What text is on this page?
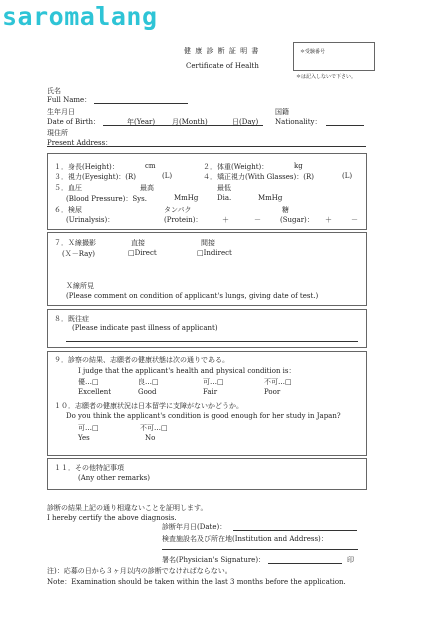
saromalang
健 康 診 断 証 明 書
Certificate of Health
＊受験番号
＊は記入しないで下さい。
氏名
Full Name：
生年月日
Date of Birth：	年(Year) 月(Month)	日(Day)
国籍
Nationality：
現住所
Present Address：
１．身長(Height)：	cm	２．体重(Weight)：	kg
３．視力(Eyesight)：(R)	(L)	４．矯正視力(With Glasses)：(R)	(L)
５．血圧	最高	最低
(Blood Pressure)：Sys.	MmHg	Dia.	MmHg
６．検尿	タンパク	糖
(Urinalysis)：	(Protein)：	＋	－	(Sugar)： ＋	－
７．Ｘ線撮影	直接	間接
(Ｘ－Ray)	□Direct	□Indirect
Ｘ線所見
(Please comment on condition of applicant's lungs, giving date of test.)
８．既往症
(Please indicate past illness of applicant)
９．診察の結果、志願者の健康状態は次の通りである。
I judge that the applicant's health and physical condition is：
優…□	良…□	可…□	不可…□
Excellent	Good	Fair	Poor
１０．志願者の健康状況は日本留学に支障がないかどうか。
Do you think the applicant's condition is good enough for her study in Japan?
可…□	不可…□
Yes	No
１１．その他特記事項
(Any other remarks)
診断の結果上記の通り相違ないことを証明します。
I hereby certify the above diagnosis.
診断年月日(Date)：
検査施設名及び所在地(Institution and Address)：
署名(Physician's Signature)：	印
注)：応募の日から３ヶ月以内の診断でなければならない。
Note：Examination should be taken within the last 3 months before the application.
